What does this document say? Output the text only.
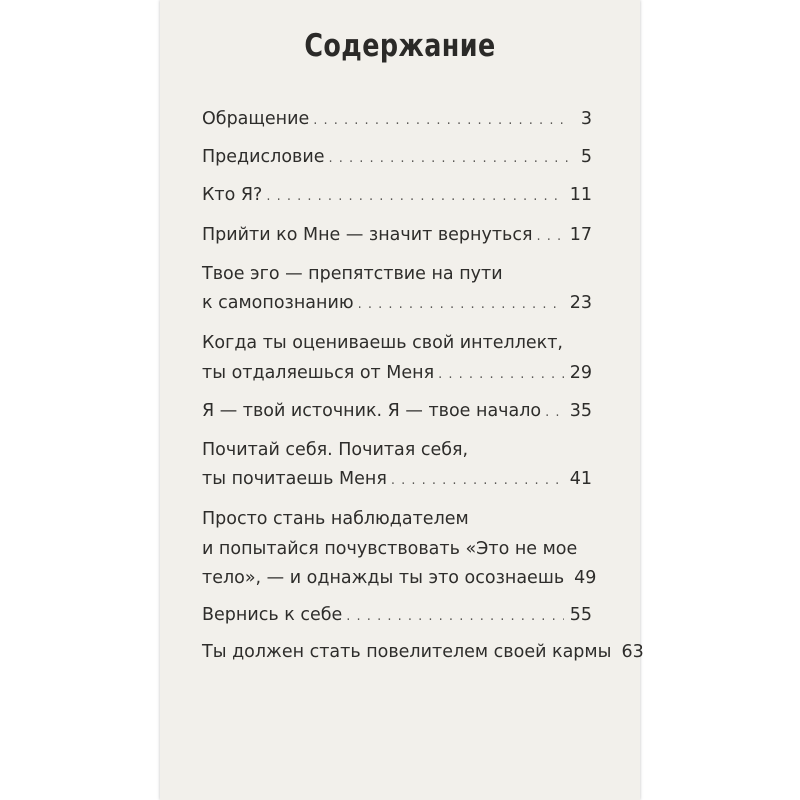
Содержание
Обращение . . .	3
Предисловие . . .	5
Кто Я? . . .	11
Прийти ко Мне — значит вернуться . . . 17
Твое эго — препятствие на пути
к самопознанию . . .	23
Когда ты оцениваешь свой интеллект,
ты отдаляешься от Меня . . .	29
Я — твой источник. Я — твое начало . . . 35
Почитай себя. Почитая себя,
ты почитаешь Меня . . .	41
Просто стань наблюдателем
и попытайся почувствовать «Это не мое
тело», — и однажды ты это осознаешь 49
Вернись к себе . . .	55
Ты должен стать повелителем своей кармы 63
